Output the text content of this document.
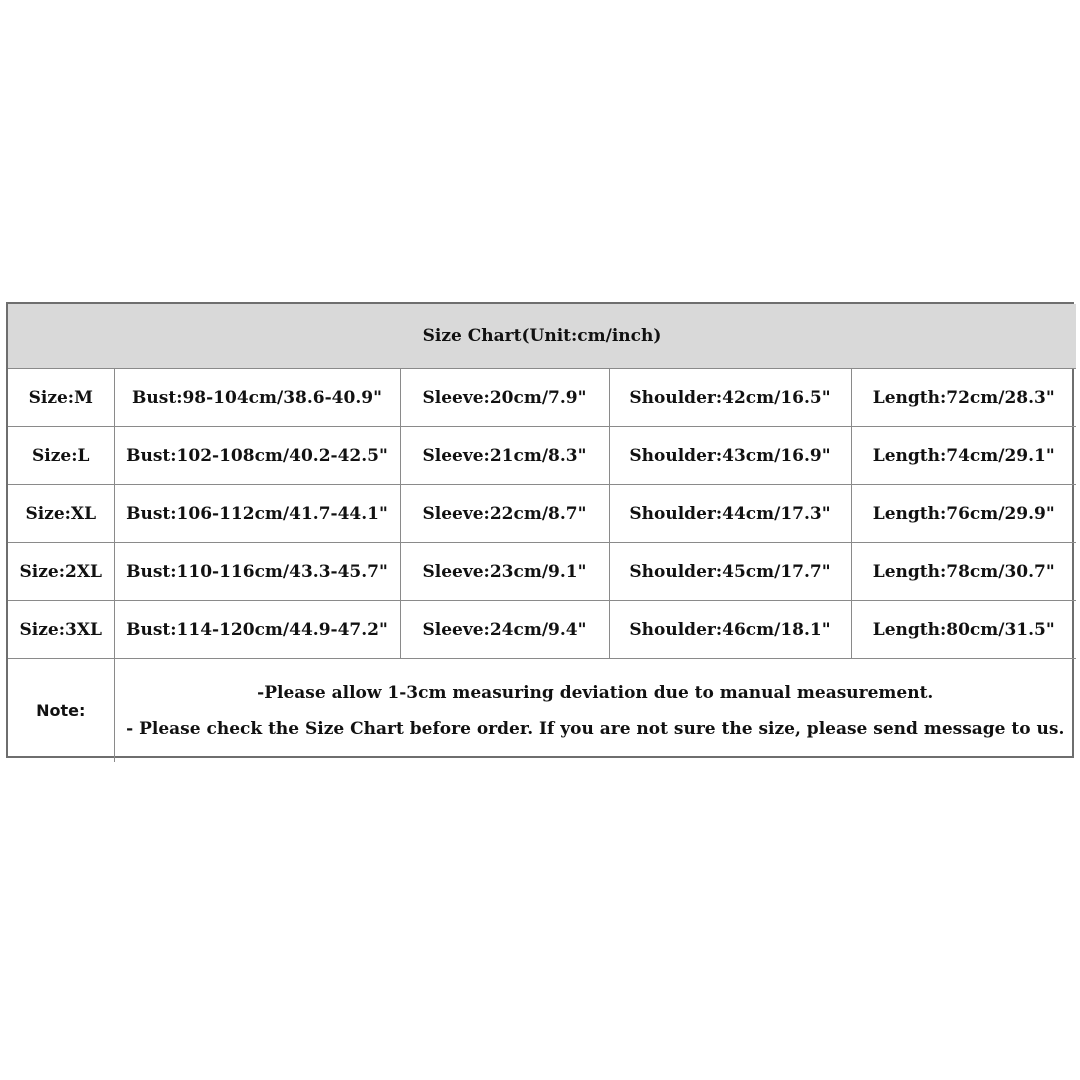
Size Chart(Unit:cm/inch)				
Size:M	Bust:98-104cm/38.6-40.9"	Sleeve:20cm/7.9"	Shoulder:42cm/16.5"	Length:72cm/28.3"
Size:L	Bust:102-108cm/40.2-42.5"	Sleeve:21cm/8.3"	Shoulder:43cm/16.9"	Length:74cm/29.1"
Size:XL	Bust:106-112cm/41.7-44.1"	Sleeve:22cm/8.7"	Shoulder:44cm/17.3"	Length:76cm/29.9"
Size:2XL	Bust:110-116cm/43.3-45.7"	Sleeve:23cm/9.1"	Shoulder:45cm/17.7"	Length:78cm/30.7"
Size:3XL	Bust:114-120cm/44.9-47.2"	Sleeve:24cm/9.4"	Shoulder:46cm/18.1"	Length:80cm/31.5"
Note:	-Please allow 1-3cm measuring deviation due to manual measurement.
- Please check the Size Chart before order. If you are not sure the size, please send message to us.			
